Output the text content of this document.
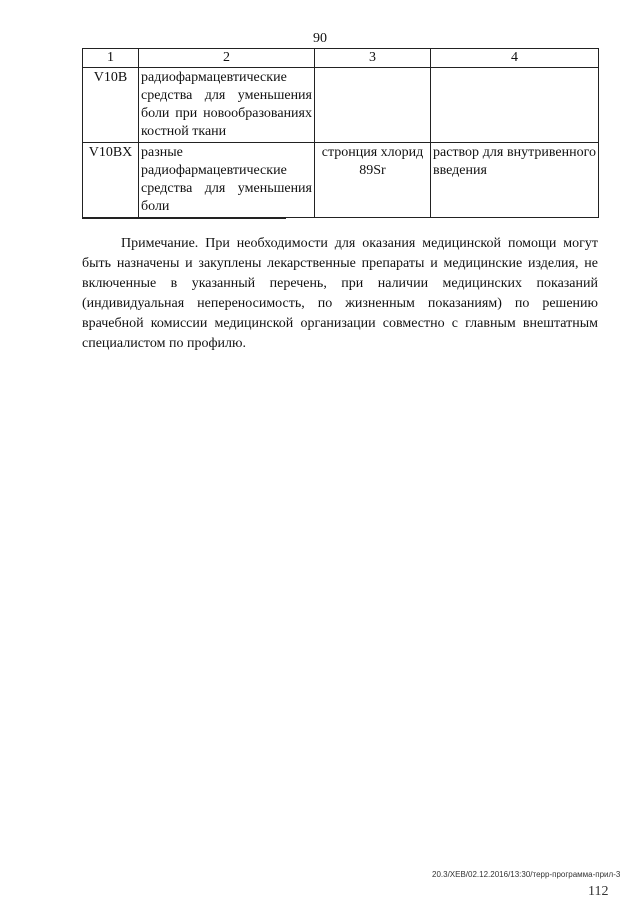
90
1	2	3	4
V10B	радиофармацевтические средства для уменьшения боли при новообразованиях костной ткани		
V10BX	разные радиофармацевтические средства для уменьшения боли	стронция хлорид 89Sr	раствор для внутривенного введения
Примечание. При необходимости для оказания медицинской помощи могут быть назначены и закуплены лекарственные препараты и медицинские изделия, не включенные в указанный перечень, при наличии медицинских показаний (индивидуальная непереносимость, по жизненным показаниям) по решению врачебной комиссии медицинской организации совместно с главным внештатным специалистом по профилю.
20.3/ХЕВ/02.12.2016/13:30/терр-программа-прил-3
112
